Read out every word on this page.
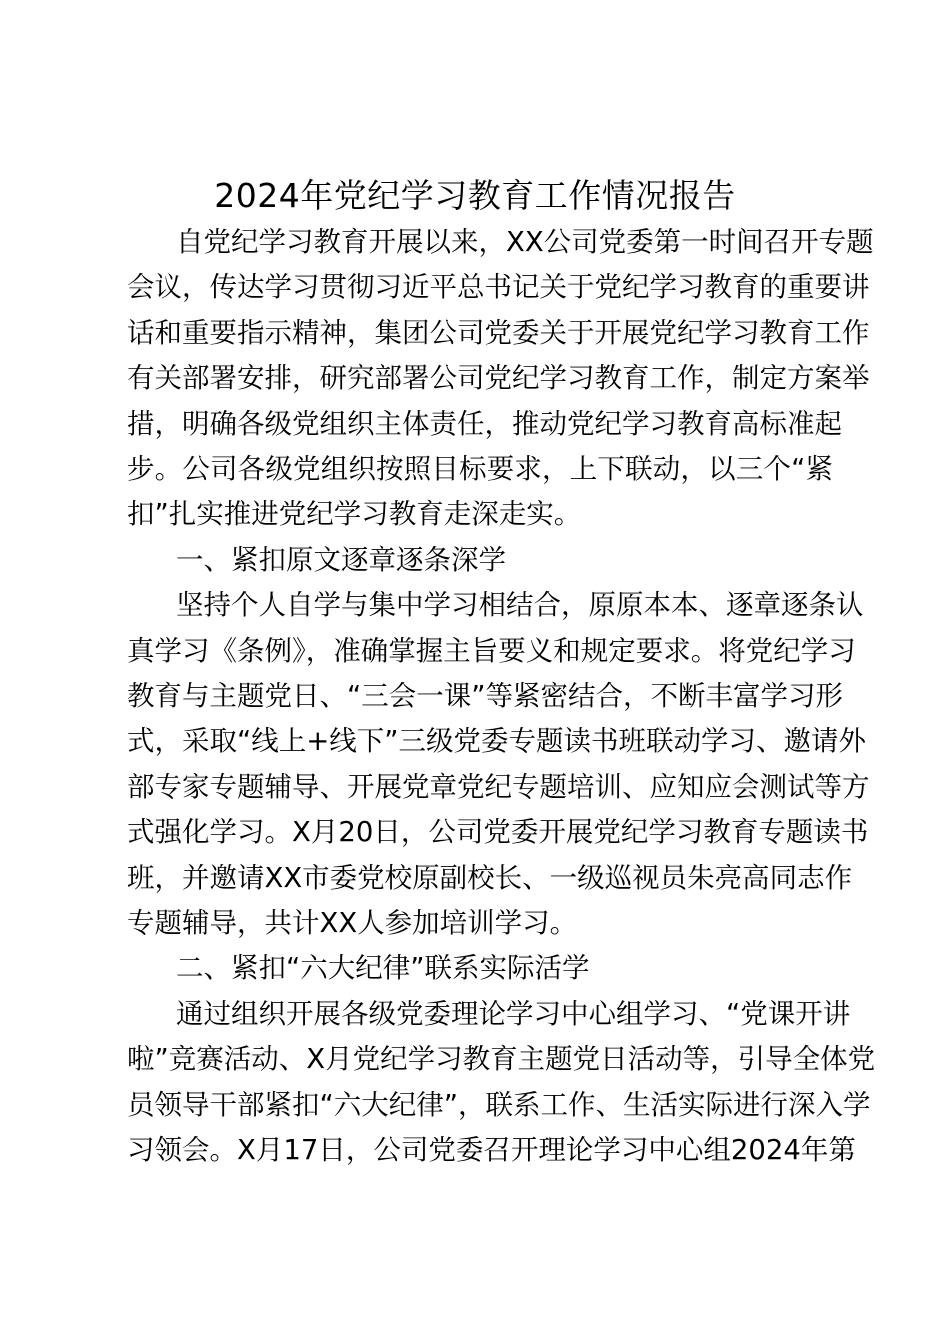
2024年党纪学习教育工作情况报告
自党纪学习教育开展以来，XX公司党委第一时间召开专题
会议，传达学习贯彻习近平总书记关于党纪学习教育的重要讲
话和重要指示精神，集团公司党委关于开展党纪学习教育工作
有关部署安排，研究部署公司党纪学习教育工作，制定方案举
措，明确各级党组织主体责任，推动党纪学习教育高标准起
步。公司各级党组织按照目标要求，上下联动，以三个“紧
扣”扎实推进党纪学习教育走深走实。
一、紧扣原文逐章逐条深学
坚持个人自学与集中学习相结合，原原本本、逐章逐条认
真学习《条例》，准确掌握主旨要义和规定要求。将党纪学习
教育与主题党日、“三会一课”等紧密结合，不断丰富学习形
式，采取“线上+线下”三级党委专题读书班联动学习、邀请外
部专家专题辅导、开展党章党纪专题培训、应知应会测试等方
式强化学习。X月20日，公司党委开展党纪学习教育专题读书
班，并邀请XX市委党校原副校长、一级巡视员朱亮高同志作
专题辅导，共计XX人参加培训学习。
二、紧扣“六大纪律”联系实际活学
通过组织开展各级党委理论学习中心组学习、“党课开讲
啦”竞赛活动、X月党纪学习教育主题党日活动等，引导全体党
员领导干部紧扣“六大纪律”，联系工作、生活实际进行深入学
习领会。X月17日，公司党委召开理论学习中心组2024年第
